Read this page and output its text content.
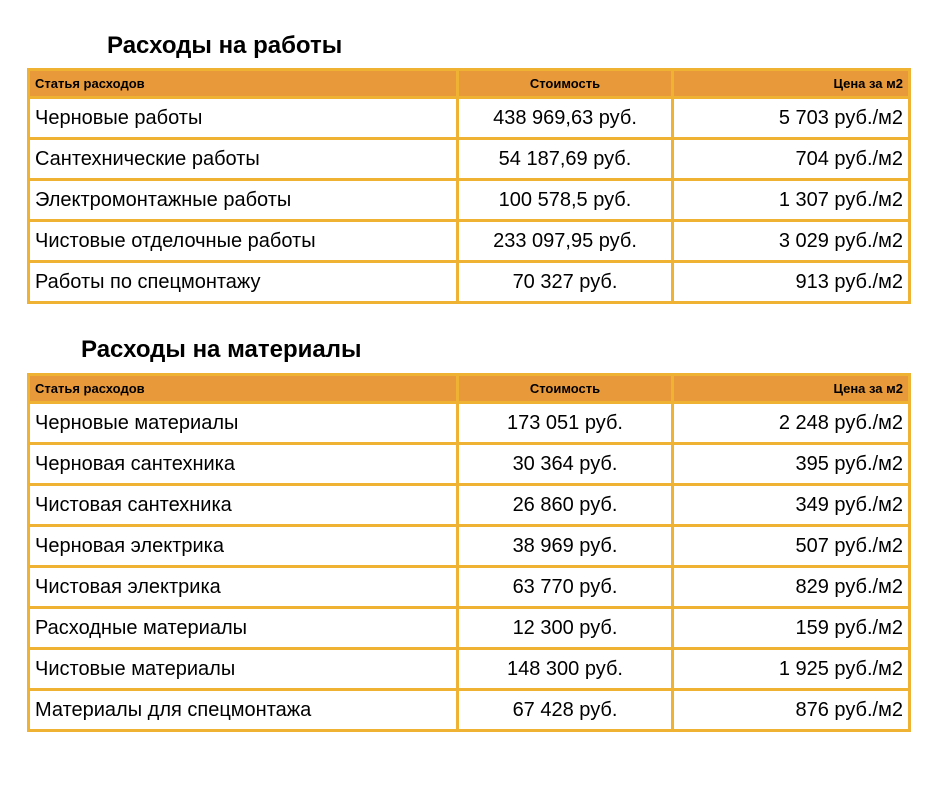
Расходы на работы
Статья расходов	Стоимость	Цена за м2
Черновые работы	438 969,63 руб.	5 703 руб./м2
Сантехнические работы	54 187,69 руб.	704 руб./м2
Электромонтажные работы	100 578,5 руб.	1 307 руб./м2
Чистовые отделочные работы	233 097,95 руб.	3 029 руб./м2
Работы по спецмонтажу	70 327 руб.	913 руб./м2
Расходы на материалы
Статья расходов	Стоимость	Цена за м2
Черновые материалы	173 051 руб.	2 248 руб./м2
Черновая сантехника	30 364 руб.	395 руб./м2
Чистовая сантехника	26 860 руб.	349 руб./м2
Черновая электрика	38 969 руб.	507 руб./м2
Чистовая электрика	63 770 руб.	829 руб./м2
Расходные материалы	12 300 руб.	159 руб./м2
Чистовые материалы	148 300 руб.	1 925 руб./м2
Материалы для спецмонтажа	67 428 руб.	876 руб./м2
